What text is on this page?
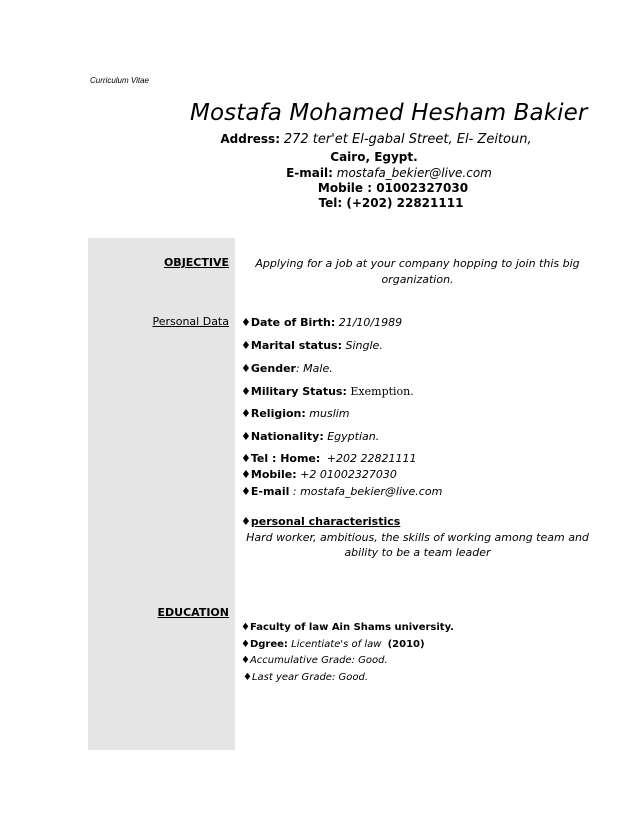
Curriculum Vitae
Mostafa Mohamed Hesham Bakier
Address: 272 ter'et El-gabal Street, El- Zeitoun,
Cairo, Egypt.
E-mail: mostafa_bekier@live.com
Mobile : 01002327030
Tel: (+202) 22821111
OBJECTIVE	Applying for a job at your company hopping to join this big organization.
Personal Data ♦Date of Birth: 21/10/1989
♦Marital status: Single.
♦Gender: Male.
♦Military Status: Exemption.
♦Religion: muslim
♦Nationality: Egyptian.
♦Tel : Home: +202 22821111
♦Mobile: +2 01002327030
♦E-mail : mostafa_bekier@live.com
♦personal characteristics
Hard worker, ambitious, the skills of working among team and ability to be a team leader
EDUCATION
♦Faculty of law Ain Shams university.
♦Dgree: Licentiate's of law (2010)
♦Accumulative Grade: Good.
♦Last year Grade: Good.
